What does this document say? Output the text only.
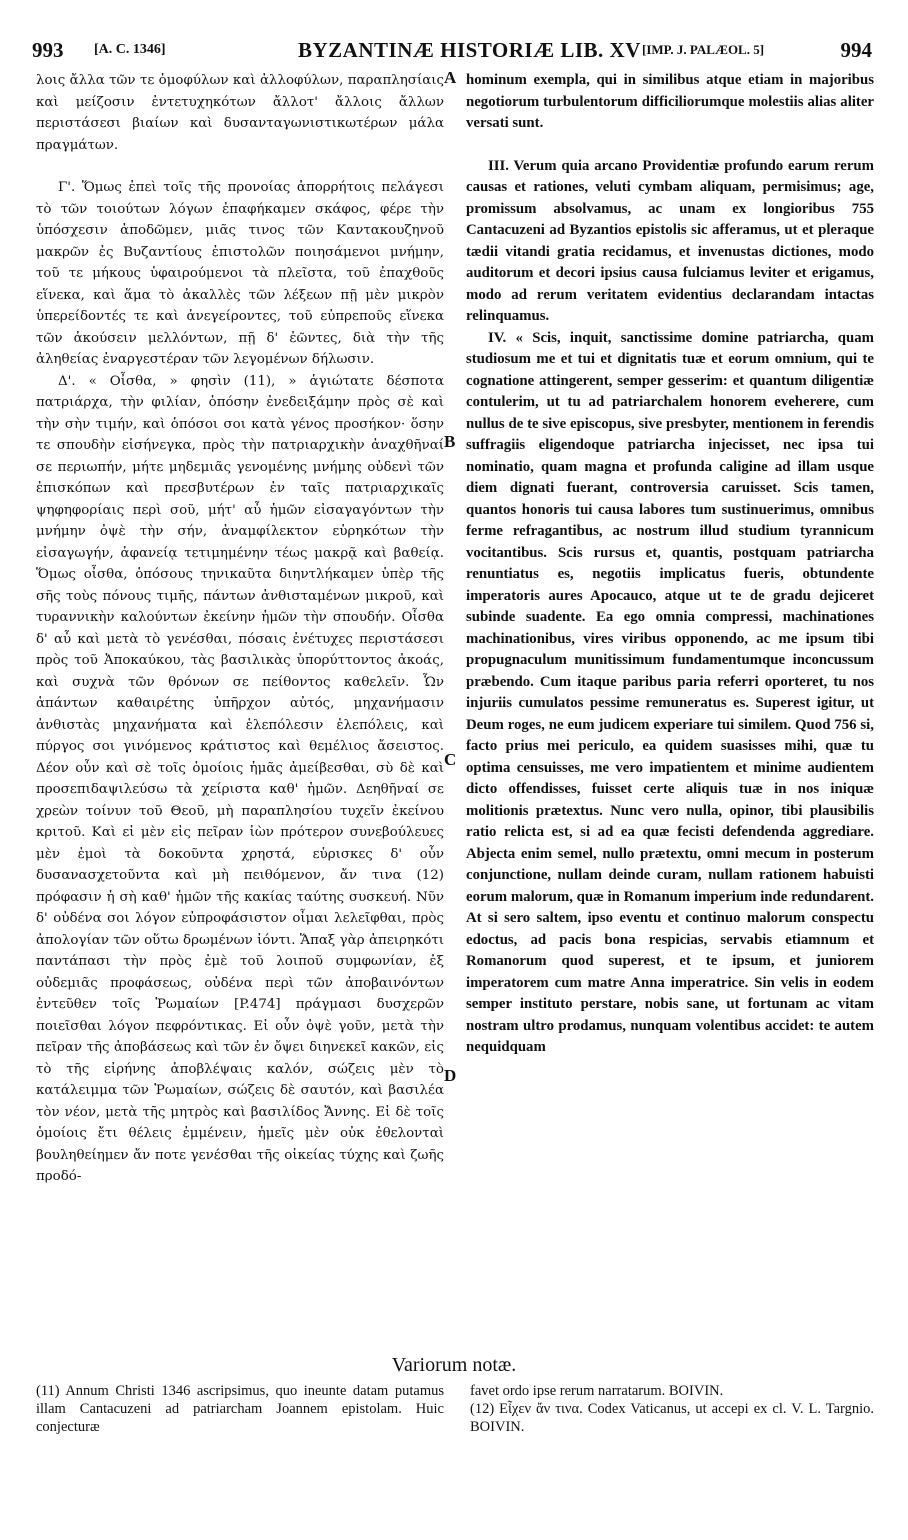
993 [A. C. 1346]	BYZANTINÆ HISTORIÆ LIB. XV [IMP. J. PALÆOL. 5]	994

λοις ἄλλα τῶν τε ὁμοφύλων καὶ ἀλλοφύλων, παραπλησίαις καὶ μείζοσιν ἐντετυχηκότων ἄλλοτ' ἄλλοις ἄλλων περιστάσεσι βιαίων καὶ δυσανταγωνιστικωτέρων μάλα πραγμάτων.

Γ'. Ὅμως ἐπεὶ τοῖς τῆς προνοίας ἀπορρήτοις πελάγεσι τὸ τῶν τοιούτων λόγων ἐπαφήκαμεν σκάφος, φέρε τὴν ὑπόσχεσιν ἀποδῶμεν, μιᾶς τινος τῶν Καντακουζηνοῦ μακρῶν ἐς Βυζαντίους ἐπιστολῶν ποιησάμενοι μνήμην, τοῦ τε μήκους ὑφαιρούμενοι τὰ πλεῖστα, τοῦ ἐπαχθοῦς εἵνεκα, καὶ ἅμα τὸ ἀκαλλὲς τῶν λέξεων πῇ μὲν μικρὸν ὑπερείδοντές τε καὶ ἀνεγείροντες, τοῦ εὐπρεποῦς εἵνεκα τῶν ἀκούσειν μελλόντων, πῇ δ' ἐῶντες, διὰ τὴν τῆς ἀληθείας ἐναργεστέραν τῶν λεγομένων δήλωσιν.

Δ'. « Οἶσθα, » φησὶν (11), » ἁγιώτατε δέσποτα πατριάρχα, τὴν φιλίαν, ὁπόσην ἐνεδειξάμην πρὸς σὲ καὶ τὴν σὴν τιμήν, καὶ ὁπόσοι σοι κατὰ γένος προσήκον· ὅσην τε σπουδὴν εἰσήνεγκα, πρὸς τὴν πατριαρχικὴν ἀναχθῆναί σε περιωπήν, μήτε μηδεμιᾶς γενομένης μνήμης οὐδενὶ τῶν ἐπισκόπων καὶ πρεσβυτέρων ἐν ταῖς πατριαρχικαῖς ψηφηφορίαις περὶ σοῦ, μήτ' αὖ ἡμῶν εἰσαγαγόντων τὴν μνήμην ὀψὲ τὴν σήν, ἀναμφίλεκτον εὑρηκότων τὴν εἰσαγωγήν, ἀφανείᾳ τετιμημένην τέως μακρᾷ καὶ βαθείᾳ. Ὅμως οἶσθα, ὁπόσους τηνικαῦτα διηντλήκαμεν ὑπὲρ τῆς σῆς τοὺς πόνους τιμῆς, πάντων ἀνθισταμένων μικροῦ, καὶ τυραννικὴν καλούντων ἐκείνην ἡμῶν τὴν σπουδήν. Οἶσθα δ' αὖ καὶ μετὰ τὸ γενέσθαι, πόσαις ἐνέτυχες περιστάσεσι πρὸς τοῦ Ἀποκαύκου, τὰς βασιλικὰς ὑπορύττοντος ἀκοάς, καὶ συχνὰ τῶν θρόνων σε πείθοντος καθελεῖν. Ὧν ἁπάντων καθαιρέτης ὑπῆρχον αὐτός, μηχανήμασιν ἀνθιστὰς μηχανήματα καὶ ἑλεπόλεσιν ἑλεπόλεις, καὶ πύργος σοι γινόμενος κράτιστος καὶ θεμέλιος ἄσειστος. Δέον οὖν καὶ σὲ τοῖς ὁμοίοις ἡμᾶς ἀμείβεσθαι, σὺ δὲ καὶ προσεπιδαψιλεύσω τὰ χείριστα καθ' ἡμῶν. Δεηθῆναί σε χρεὼν τοίνυν τοῦ Θεοῦ, μὴ παραπλησίου τυχεῖν ἐκείνου κριτοῦ. Καὶ εἰ μὲν εἰς πεῖραν ἰὼν πρότερον συνεβούλευες μὲν ἐμοὶ τὰ δοκοῦντα χρηστά, εὑρισκες δ' οὖν δυσανασχετοῦντα καὶ μὴ πειθόμενον, ἄν τινα (12) πρόφασιν ἡ σὴ καθ' ἡμῶν τῆς κακίας ταύτης συσκευή. Νῦν δ' οὐδένα σοι λόγον εὐπροφάσιστον οἶμαι λελεῖφθαι, πρὸς ἀπολογίαν τῶν οὕτω δρωμένων ἰόντι. Ἅπαξ γὰρ ἀπειρηκότι παντάπασι τὴν πρὸς ἐμὲ τοῦ λοιποῦ συμφωνίαν, ἐξ οὐδεμιᾶς προφάσεως, οὐδένα περὶ τῶν ἀποβαινόντων ἐντεῦθεν τοῖς Ῥωμαίων [P.474] πράγμασι δυσχερῶν ποιεῖσθαι λόγον πεφρόντικας. Εἰ οὖν ὀψὲ γοῦν, μετὰ τὴν πεῖραν τῆς ἀποβάσεως καὶ τῶν ἐν ὄψει διηνεκεῖ κακῶν, εἰς τὸ τῆς εἰρήνης ἀποβλέψαις καλόν, σώζεις μὲν τὸ κατάλειμμα τῶν Ῥωμαίων, σώζεις δὲ σαυτόν, καὶ βασιλέα τὸν νέον, μετὰ τῆς μητρὸς καὶ βασιλίδος Ἄννης. Εἰ δὲ τοῖς ὁμοίοις ἔτι θέλεις ἐμμένειν, ἡμεῖς μὲν οὐκ ἐθελονταὶ βουληθείημεν ἄν ποτε γενέσθαι τῆς οἰκείας τύχης καὶ ζωῆς προδό-

A
B
C
D

hominum exempla, qui in similibus atque etiam in majoribus negotiorum turbulentorum difficiliorumque molestiis alias aliter versati sunt.

III. Verum quia arcano Providentiæ profundo earum rerum causas et rationes, veluti cymbam aliquam, permisimus; age, promissum absolvamus, ac unam ex longioribus 755 Cantacuzeni ad Byzantios epistolis sic afferamus, ut et pleraque tædii vitandi gratia recidamus, et invenustas dictiones, modo auditorum et decori ipsius causa fulciamus leviter et erigamus, modo ad rerum veritatem evidentius declarandam intactas relinquamus.

IV. « Scis, inquit, sanctissime domine patriarcha, quam studiosum me et tui et dignitatis tuæ et eorum omnium, qui te cognatione attingerent, semper gesserim: et quantum diligentiæ contulerim, ut tu ad patriarchalem honorem eveherere, cum nullus de te sive episcopus, sive presbyter, mentionem in ferendis suffragiis eligendoque patriarcha injecisset, nec ipsa tui nominatio, quam magna et profunda caligine ad illam usque diem dignati fuerant, controversia caruisset. Scis tamen, quantos honoris tui causa labores tum sustinuerimus, omnibus ferme refragantibus, ac nostrum illud studium tyrannicum vocitantibus. Scis rursus et, quantis, postquam patriarcha renuntiatus es, negotiis implicatus fueris, obtundente imperatoris aures Apocauco, atque ut te de gradu dejiceret subinde suadente. Ea ego omnia compressi, machinationes machinationibus, vires viribus opponendo, ac me ipsum tibi propugnaculum munitissimum fundamentumque inconcussum præbendo. Cum itaque paribus paria referri oporteret, tu nos injuriis cumulatos pessime remuneratus es. Superest igitur, ut Deum roges, ne eum judicem experiare tui similem. Quod 756 si, facto prius mei periculo, ea quidem suasisses mihi, quæ tu optima censuisses, me vero impatientem et minime audientem dicto offendisses, fuisset certe aliquis tuæ in nos iniquæ molitionis prætextus. Nunc vero nulla, opinor, tibi plausibilis ratio relicta est, si ad ea quæ fecisti defendenda aggrediare. Abjecta enim semel, nullo prætextu, omni mecum in posterum conjunctione, nullam deinde curam, nullam rationem habuisti eorum malorum, quæ in Romanum imperium inde redundarent. At si sero saltem, ipso eventu et continuo malorum conspectu edoctus, ad pacis bona respicias, servabis etiamnum et Romanorum quod superest, et te ipsum, et juniorem imperatorem cum matre Anna imperatrice. Sin velis in eodem semper instituto perstare, nobis sane, ut fortunam ac vitam nostram ultro prodamus, nunquam volentibus accidet: te autem nequidquam

Variorum notæ.

(11) Annum Christi 1346 ascripsimus, quo ineunte datam putamus illam Cantacuzeni ad patriarcham Joannem epistolam. Huic conjecturæ

favet ordo ipse rerum narratarum. BOIVIN.

(12) Εἶχεν ἄν τινα. Codex Vaticanus, ut accepi ex cl. V. L. Targnio. BOIVIN.
